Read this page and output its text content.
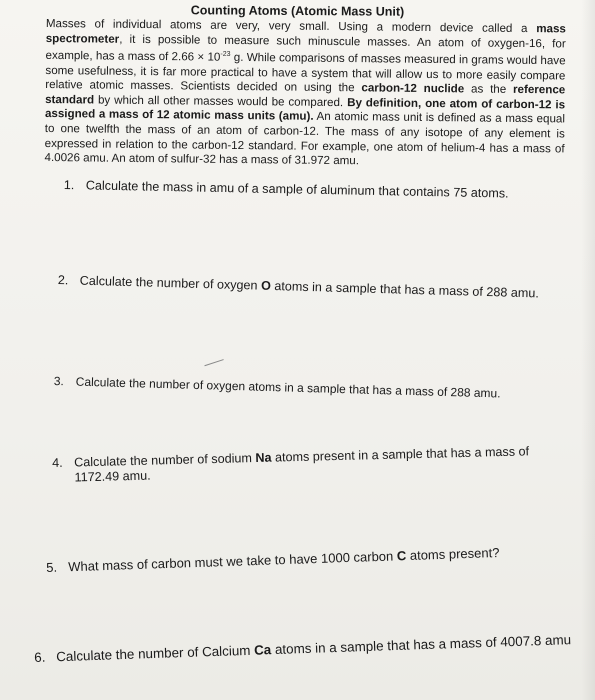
Counting Atoms (Atomic Mass Unit)
Masses of individual atoms are very, very small. Using a modern device called a mass spectrometer, it is possible to measure such minuscule masses. An atom of oxygen-16, for example, has a mass of $2.66 \times 10^{-23}$ g. While comparisons of masses measured in grams would have some usefulness, it is far more practical to have a system that will allow us to more easily compare relative atomic masses. Scientists decided on using the carbon-12 nuclide as the reference standard by which all other masses would be compared. By definition, one atom of carbon-12 is assigned a mass of 12 atomic mass units (amu). An atomic mass unit is defined as a mass equal to one twelfth the mass of an atom of carbon-12. The mass of any isotope of any element is expressed in relation to the carbon-12 standard. For example, one atom of helium-4 has a mass of 4.0026 amu. An atom of sulfur-32 has a mass of 31.972 amu.
1. Calculate the mass in amu of a sample of aluminum that contains 75 atoms.
2. Calculate the number of oxygen O atoms in a sample that has a mass of 288 amu.
3. Calculate the number of oxygen atoms in a sample that has a mass of 288 amu.
4. Calculate the number of sodium Na atoms present in a sample that has a mass of
1172.49 amu.
5. What mass of carbon must we take to have 1000 carbon C atoms present?
6. Calculate the number of Calcium Ca atoms in a sample that has a mass of 4007.8 amu
